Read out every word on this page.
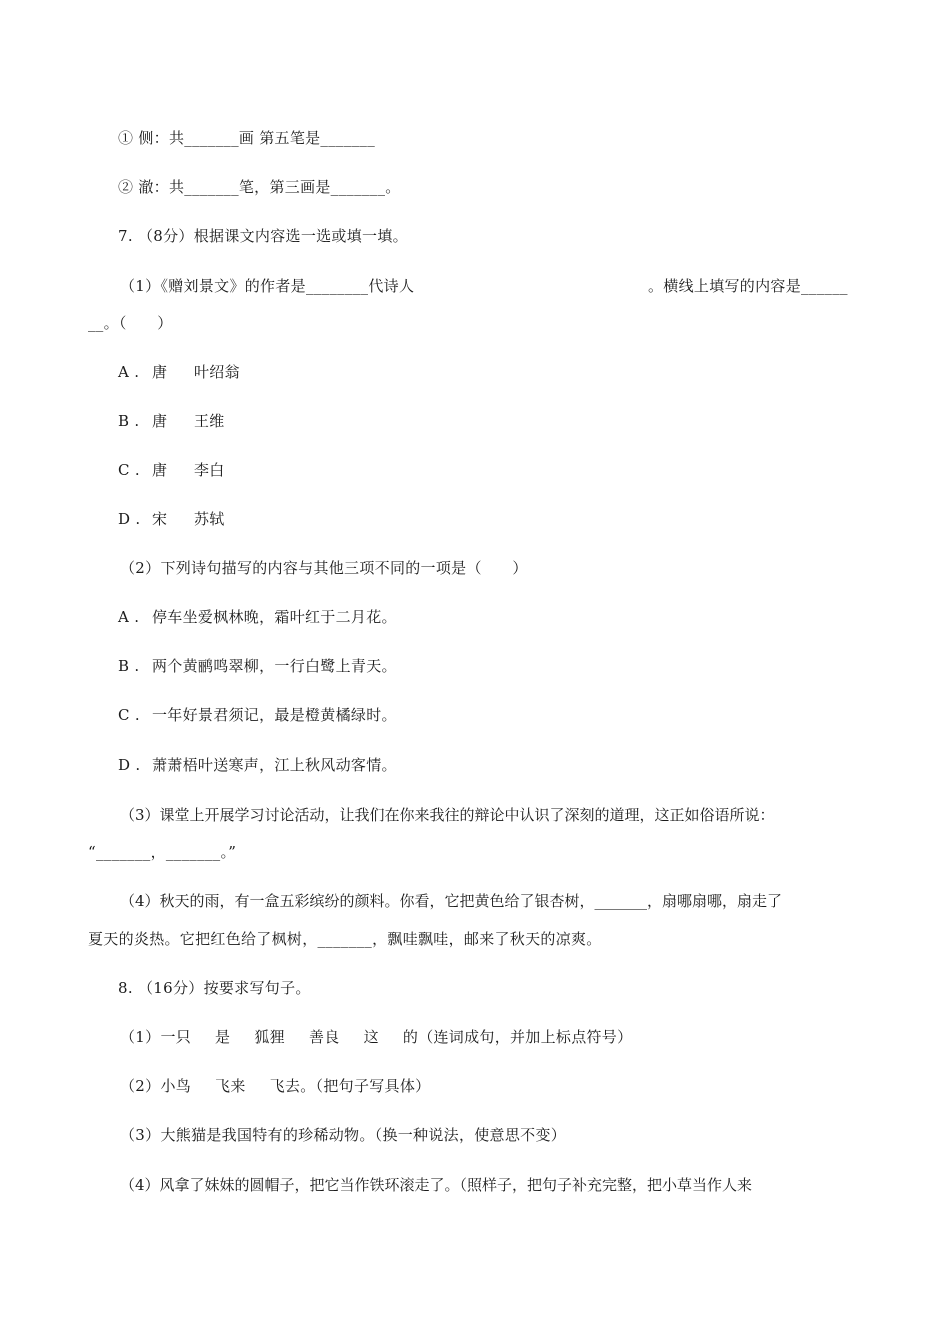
① 侧：共_______画 第五笔是_______
② 澈：共_______笔，第三画是_______。
7. （8分）根据课文内容选一选或填一填。
（1）《赠刘景文》的作者是________代诗人	。横线上填写的内容是______
__。（　　）
A . 唐 叶绍翁
B . 唐 王维
C . 唐 李白
D . 宋 苏轼
（2）下列诗句描写的内容与其他三项不同的一项是（　　）
A . 停车坐爱枫林晚，霜叶红于二月花。
B . 两个黄鹂鸣翠柳，一行白鹭上青天。
C . 一年好景君须记，最是橙黄橘绿时。
D . 萧萧梧叶送寒声，江上秋风动客情。
（3）课堂上开展学习讨论活动，让我们在你来我往的辩论中认识了深刻的道理，这正如俗语所说：
“_______，_______。”
（4）秋天的雨，有一盒五彩缤纷的颜料。你看，它把黄色给了银杏树，_______，扇哪扇哪，扇走了
夏天的炎热。它把红色给了枫树，_______，飘哇飘哇，邮来了秋天的凉爽。
8. （16分）按要求写句子。
（1）一只 是 狐狸 善良 这 的（连词成句，并加上标点符号）
（2）小鸟 飞来 飞去。（把句子写具体）
（3）大熊猫是我国特有的珍稀动物。（换一种说法，使意思不变）
（4）风拿了妹妹的圆帽子，把它当作铁环滚走了。（照样子，把句子补充完整，把小草当作人来
